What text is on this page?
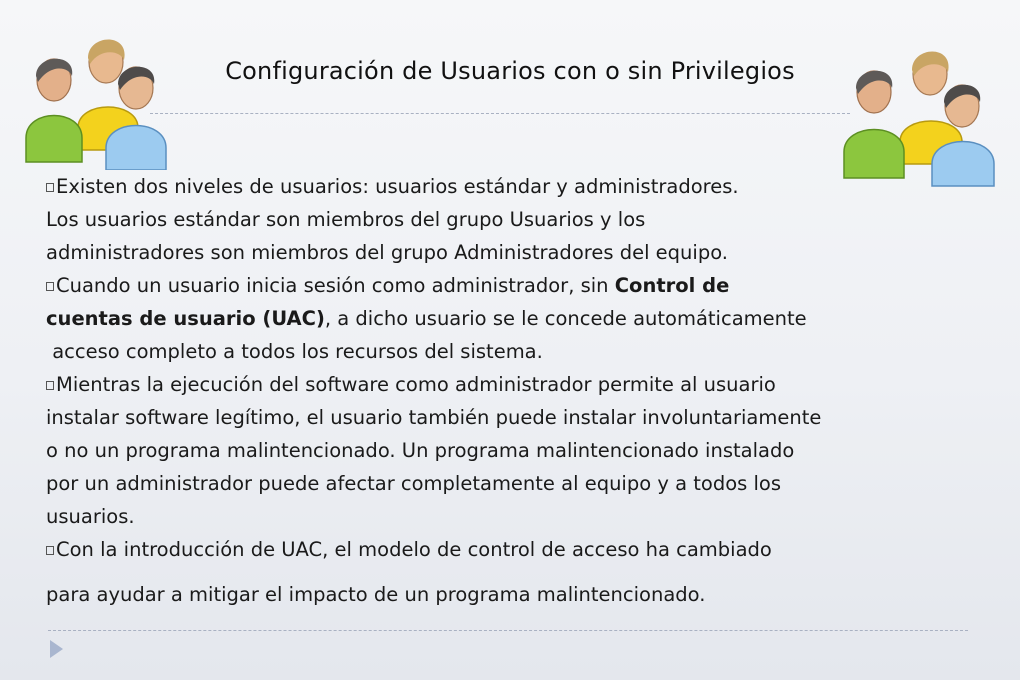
Configuración de Usuarios con o sin Privilegios

Existen dos niveles de usuarios: usuarios estándar y administradores.

Los usuarios estándar son miembros del grupo Usuarios y los

administradores son miembros del grupo Administradores del equipo.

Cuando un usuario inicia sesión como administrador, sin Control de

cuentas de usuario (UAC), a dicho usuario se le concede automáticamente

acceso completo a todos los recursos del sistema.

Mientras la ejecución del software como administrador permite al usuario

instalar software legítimo, el usuario también puede instalar involuntariamente

o no un programa malintencionado. Un programa malintencionado instalado

por un administrador puede afectar completamente al equipo y a todos los

usuarios.

Con la introducción de UAC, el modelo de control de acceso ha cambiado

para ayudar a mitigar el impacto de un programa malintencionado.
